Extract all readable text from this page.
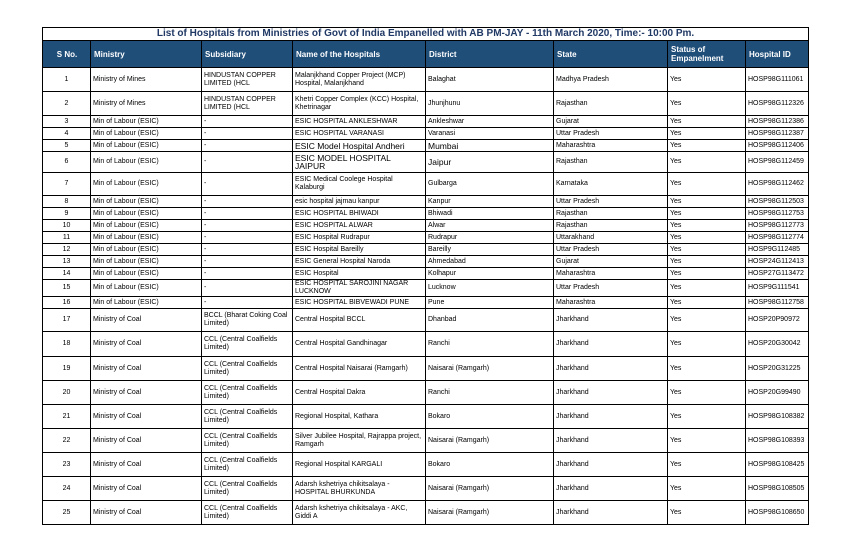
List of Hospitals from Ministries of Govt of India Empanelled with AB PM-JAY - 11th March 2020, Time:- 10:00 Pm.							
S No.	Ministry	Subsidiary	Name of the Hospitals	District	State	Status of Empanelment	Hospital ID
1	Ministry of Mines	HINDUSTAN COPPER LIMITED (HCL	Malanjkhand Copper Project (MCP) Hospital, Malanjkhand	Balaghat	Madhya Pradesh	Yes	HOSP98G111061
2	Ministry of Mines	HINDUSTAN COPPER LIMITED (HCL	Khetri Copper Complex (KCC) Hospital, Khetrinagar	Jhunjhunu	Rajasthan	Yes	HOSP98G112326
3	Min of Labour (ESIC)	-	ESIC HOSPITAL ANKLESHWAR	Ankleshwar	Gujarat	Yes	HOSP98G112386
4	Min of Labour (ESIC)	-	ESIC HOSPITAL VARANASI	Varanasi	Uttar Pradesh	Yes	HOSP98G112387
5	Min of Labour (ESIC)	-	ESIC Model Hospital Andheri	Mumbai	Maharashtra	Yes	HOSP98G112406
6	Min of Labour (ESIC)	-	ESIC MODEL HOSPITAL JAIPUR	Jaipur	Rajasthan	Yes	HOSP98G112459
7	Min of Labour (ESIC)	-	ESIC Medical Coolege Hospital Kalaburgi	Gulbarga	Karnataka	Yes	HOSP98G112462
8	Min of Labour (ESIC)	-	esic hospital jajmau kanpur	Kanpur	Uttar Pradesh	Yes	HOSP98G112503
9	Min of Labour (ESIC)	-	ESIC HOSPITAL BHIWADI	Bhiwadi	Rajasthan	Yes	HOSP98G112753
10	Min of Labour (ESIC)	-	ESIC HOSPITAL ALWAR	Alwar	Rajasthan	Yes	HOSP98G112773
11	Min of Labour (ESIC)	-	ESIC Hospital Rudrapur	Rudrapur	Uttarakhand	Yes	HOSP98G112774
12	Min of Labour (ESIC)	-	ESIC Hospital Bareilly	Bareilly	Uttar Pradesh	Yes	HOSP9G112485
13	Min of Labour (ESIC)	-	ESIC General Hospital Naroda	Ahmedabad	Gujarat	Yes	HOSP24G112413
14	Min of Labour (ESIC)	-	ESIC Hospital	Kolhapur	Maharashtra	Yes	HOSP27G113472
15	Min of Labour (ESIC)	-	ESIC HOSPITAL SAROJINI NAGAR LUCKNOW	Lucknow	Uttar Pradesh	Yes	HOSP9G111541
16	Min of Labour (ESIC)	-	ESIC HOSPITAL BIBVEWADI PUNE	Pune	Maharashtra	Yes	HOSP98G112758
17	Ministry of Coal	BCCL (Bharat Coking Coal Limited)	Central Hospital BCCL	Dhanbad	Jharkhand	Yes	HOSP20P90972
18	Ministry of Coal	CCL (Central Coalfields Limited)	Central Hospital Gandhinagar	Ranchi	Jharkhand	Yes	HOSP20G30042
19	Ministry of Coal	CCL (Central Coalfields Limited)	Central Hospital Naisarai (Ramgarh)	Naisarai (Ramgarh)	Jharkhand	Yes	HOSP20G31225
20	Ministry of Coal	CCL (Central Coalfields Limited)	Central Hospital Dakra	Ranchi	Jharkhand	Yes	HOSP20G99490
21	Ministry of Coal	CCL (Central Coalfields Limited)	Regional Hospital, Kathara	Bokaro	Jharkhand	Yes	HOSP98G108382
22	Ministry of Coal	CCL (Central Coalfields Limited)	Silver Jubilee Hospital, Rajrappa project, Ramgarh	Naisarai (Ramgarh)	Jharkhand	Yes	HOSP98G108393
23	Ministry of Coal	CCL (Central Coalfields Limited)	Regional Hospital KARGALI	Bokaro	Jharkhand	Yes	HOSP98G108425
24	Ministry of Coal	CCL (Central Coalfields Limited)	Adarsh kshetriya chikitsalaya - HOSPITAL BHURKUNDA	Naisarai (Ramgarh)	Jharkhand	Yes	HOSP98G108505
25	Ministry of Coal	CCL (Central Coalfields Limited)	Adarsh kshetriya chikitsalaya - AKC, Giddi A	Naisarai (Ramgarh)	Jharkhand	Yes	HOSP98G108650
